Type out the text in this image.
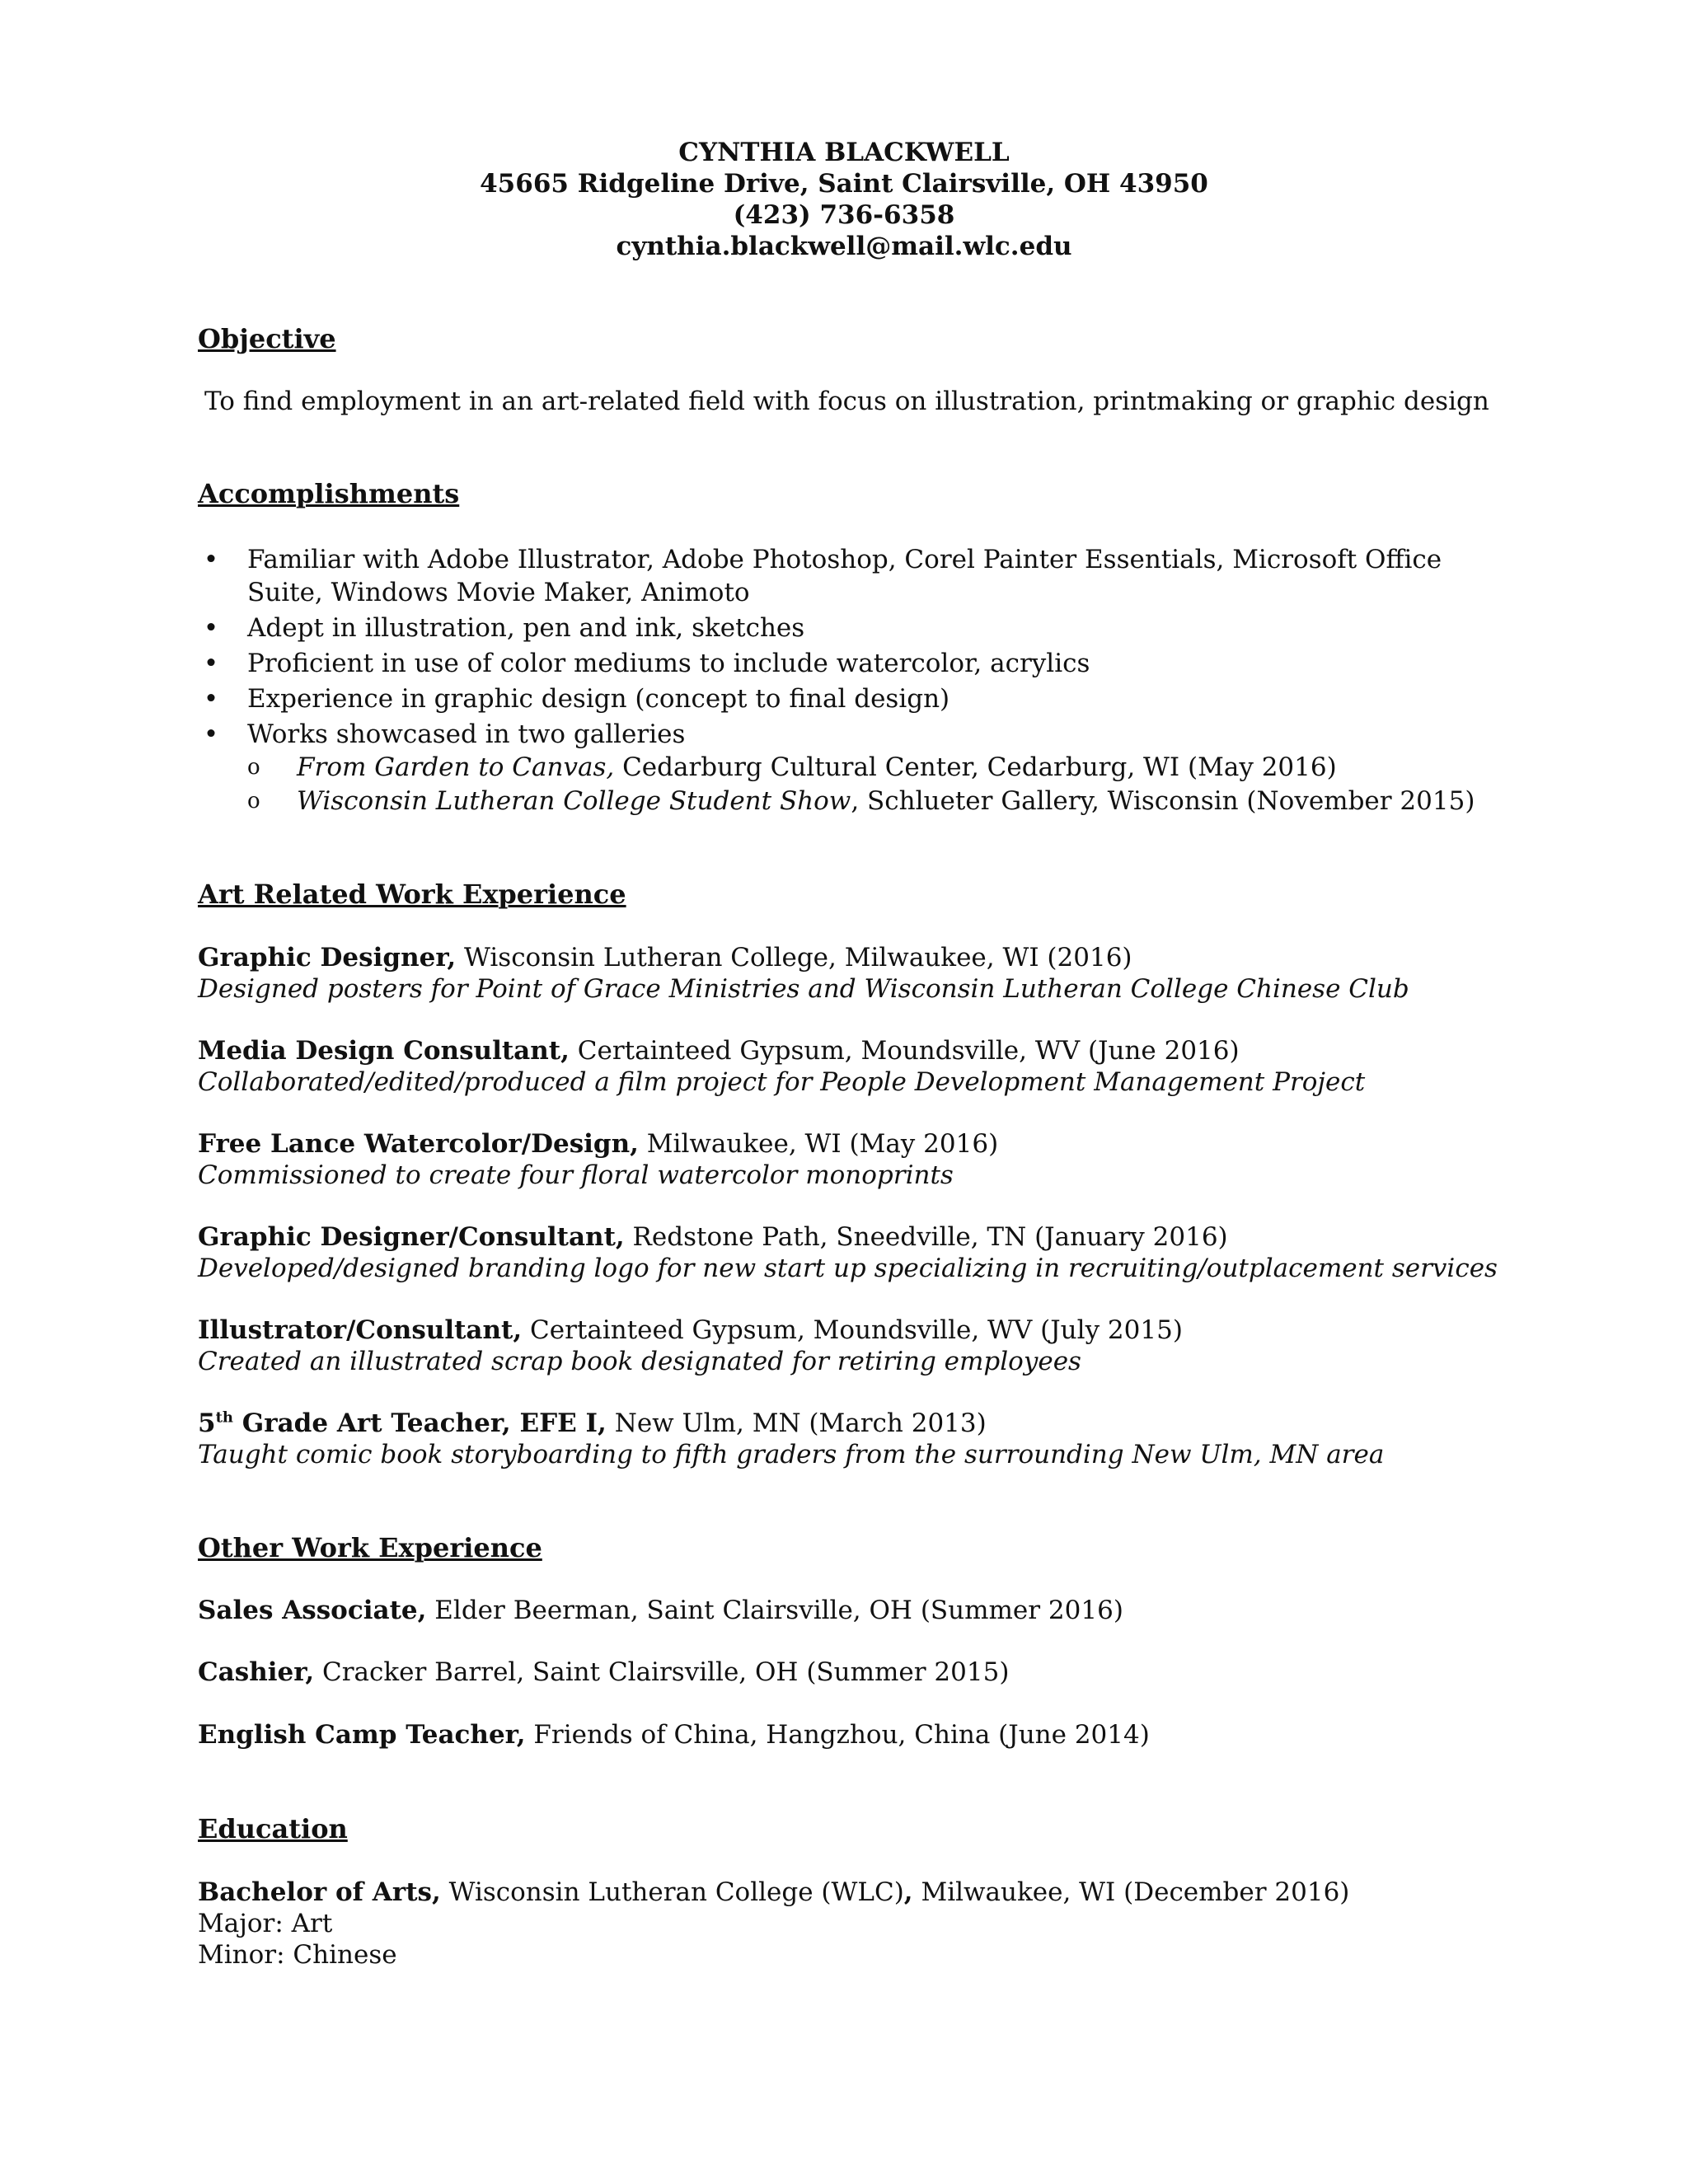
CYNTHIA BLACKWELL
45665 Ridgeline Drive, Saint Clairsville, OH 43950
(423) 736-6358
cynthia.blackwell@mail.wlc.edu
Objective
To find employment in an art-related field with focus on illustration, printmaking or graphic design
Accomplishments
• Familiar with Adobe Illustrator, Adobe Photoshop, Corel Painter Essentials, Microsoft Office Suite, Windows Movie Maker, Animoto
• Adept in illustration, pen and ink, sketches
• Proficient in use of color mediums to include watercolor, acrylics
• Experience in graphic design (concept to final design)
• Works showcased in two galleries
o	From Garden to Canvas, Cedarburg Cultural Center, Cedarburg, WI (May 2016)
o	Wisconsin Lutheran College Student Show, Schlueter Gallery, Wisconsin (November 2015)
Art Related Work Experience
Graphic Designer, Wisconsin Lutheran College, Milwaukee, WI (2016)
Designed posters for Point of Grace Ministries and Wisconsin Lutheran College Chinese Club
Media Design Consultant, Certainteed Gypsum, Moundsville, WV (June 2016)
Collaborated/edited/produced a film project for People Development Management Project
Free Lance Watercolor/Design, Milwaukee, WI (May 2016)
Commissioned to create four floral watercolor monoprints
Graphic Designer/Consultant, Redstone Path, Sneedville, TN (January 2016)
Developed/designed branding logo for new start up specializing in recruiting/outplacement services
Illustrator/Consultant, Certainteed Gypsum, Moundsville, WV (July 2015)
Created an illustrated scrap book designated for retiring employees
5th Grade Art Teacher, EFE I, New Ulm, MN (March 2013)
Taught comic book storyboarding to fifth graders from the surrounding New Ulm, MN area
Other Work Experience
Sales Associate, Elder Beerman, Saint Clairsville, OH (Summer 2016)
Cashier, Cracker Barrel, Saint Clairsville, OH (Summer 2015)
English Camp Teacher, Friends of China, Hangzhou, China (June 2014)
Education
Bachelor of Arts, Wisconsin Lutheran College (WLC), Milwaukee, WI (December 2016)
Major: Art
Minor: Chinese
